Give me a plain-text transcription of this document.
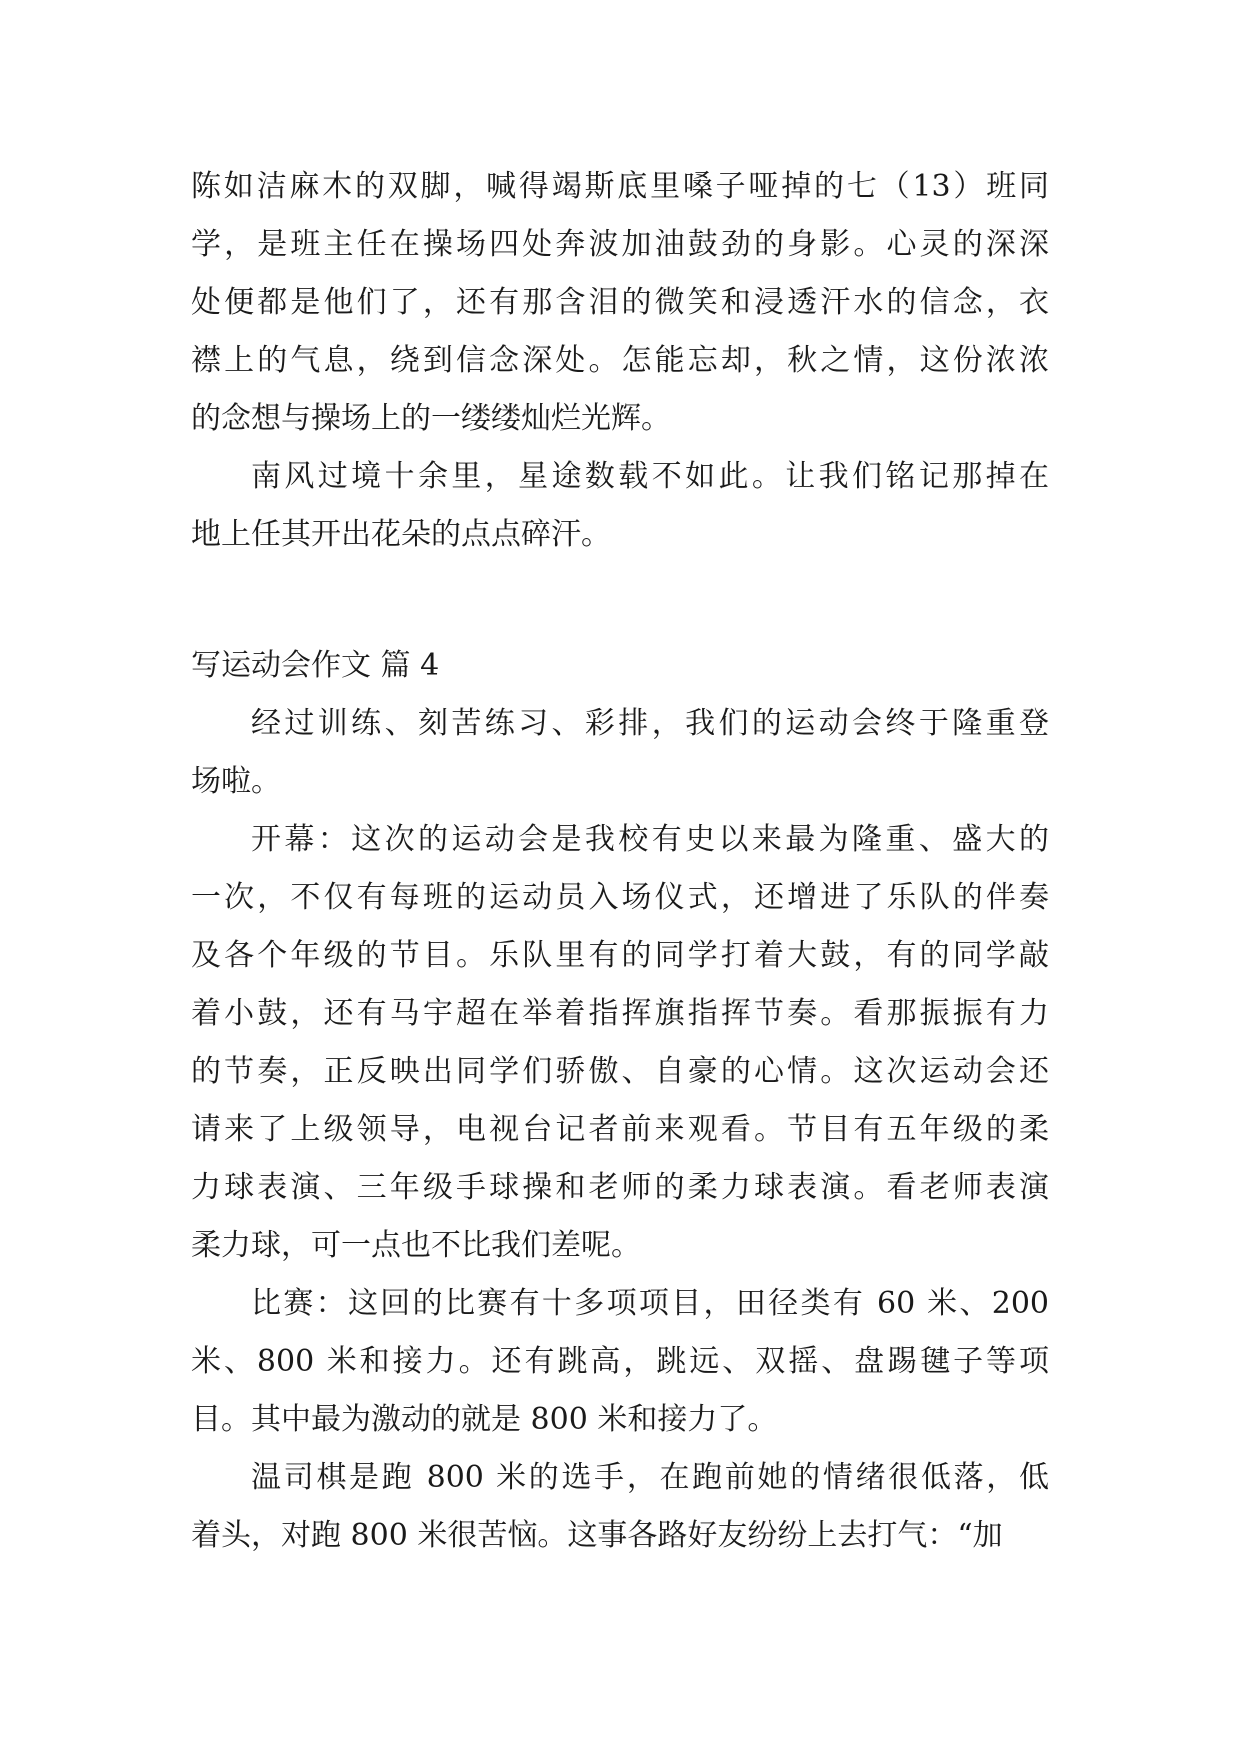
陈如洁麻木的双脚，喊得竭斯底里嗓子哑掉的七（13）班同
学，是班主任在操场四处奔波加油鼓劲的身影。心灵的深深
处便都是他们了，还有那含泪的微笑和浸透汗水的信念，衣
襟上的气息，绕到信念深处。怎能忘却，秋之情，这份浓浓
的念想与操场上的一缕缕灿烂光辉。
南风过境十余里，星途数载不如此。让我们铭记那掉在
地上任其开出花朵的点点碎汗。
写运动会作文 篇 4
经过训练、刻苦练习、彩排，我们的运动会终于隆重登
场啦。
开幕：这次的运动会是我校有史以来最为隆重、盛大的
一次，不仅有每班的运动员入场仪式，还增进了乐队的伴奏
及各个年级的节目。乐队里有的同学打着大鼓，有的同学敲
着小鼓，还有马宇超在举着指挥旗指挥节奏。看那振振有力
的节奏，正反映出同学们骄傲、自豪的心情。这次运动会还
请来了上级领导，电视台记者前来观看。节目有五年级的柔
力球表演、三年级手球操和老师的柔力球表演。看老师表演
柔力球，可一点也不比我们差呢。
比赛：这回的比赛有十多项项目，田径类有 60 米、200
米、800 米和接力。还有跳高，跳远、双摇、盘踢毽子等项
目。其中最为激动的就是 800 米和接力了。
温司棋是跑 800 米的选手，在跑前她的情绪很低落，低
着头，对跑 800 米很苦恼。这事各路好友纷纷上去打气：“加
